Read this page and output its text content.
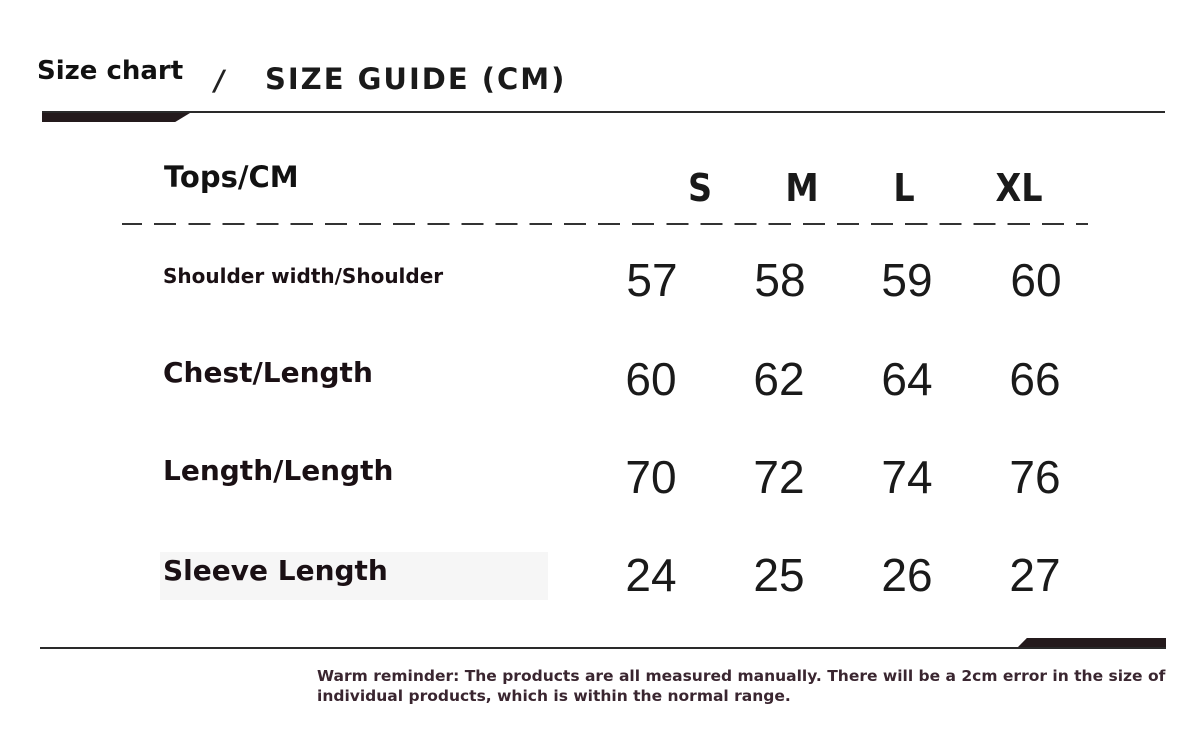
Size chart / SIZE GUIDE (CM)
Tops/CM	S	M	L	XL
Shoulder width/Shoulder	57	58	59	60
Chest/Length	60	62	64	66
Length/Length	70	72	74	76
Sleeve Length	24	25	26	27
Warm reminder: The products are all measured manually. There will be a 2cm error in the size of individual products, which is within the normal range.
